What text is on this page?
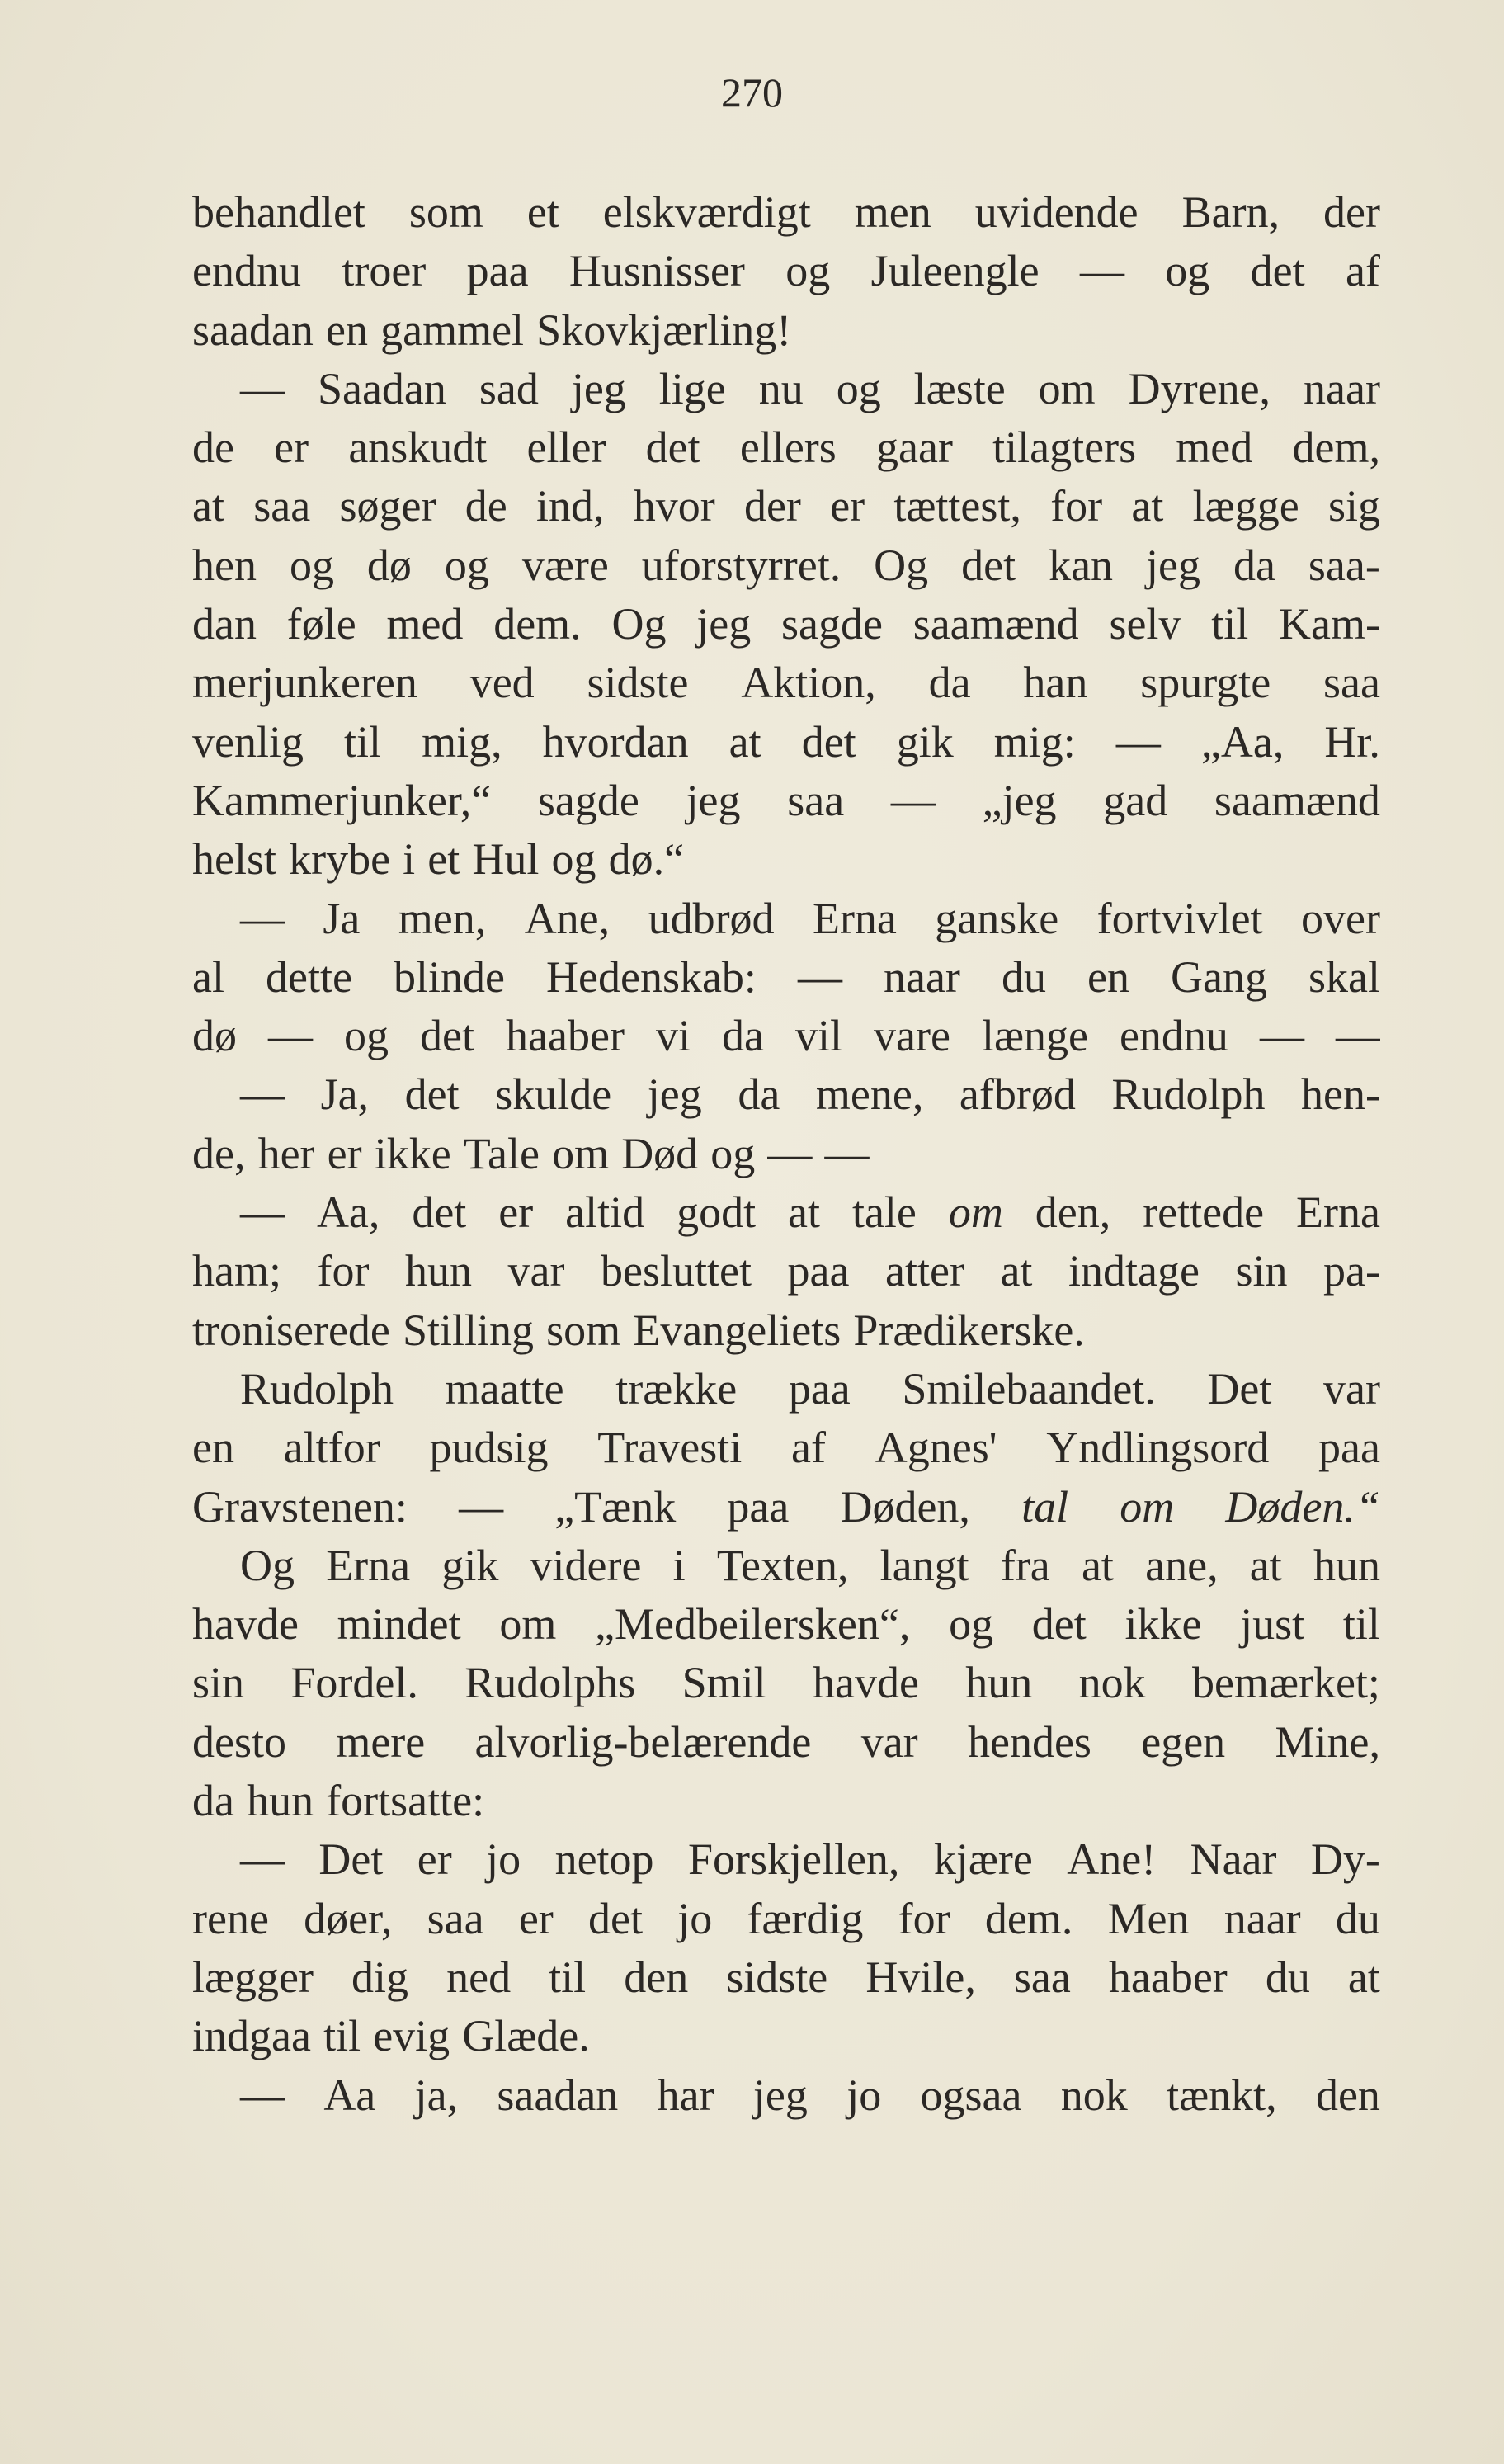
270
behandlet som et elskværdigt men uvidende Barn, der
endnu troer paa Husnisser og Juleengle — og det af
saadan en gammel Skovkjærling!
— Saadan sad jeg lige nu og læste om Dyrene, naar
de er anskudt eller det ellers gaar tilagters med dem,
at saa søger de ind, hvor der er tættest, for at lægge sig
hen og dø og være uforstyrret. Og det kan jeg da saa-
dan føle med dem. Og jeg sagde saamænd selv til Kam-
merjunkeren ved sidste Aktion, da han spurgte saa
venlig til mig, hvordan at det gik mig: — „Aa, Hr.
Kammerjunker,“ sagde jeg saa — „jeg gad saamænd
helst krybe i et Hul og dø.“
— Ja men, Ane, udbrød Erna ganske fortvivlet over
al dette blinde Hedenskab: — naar du en Gang skal
dø — og det haaber vi da vil vare længe endnu — —
— Ja, det skulde jeg da mene, afbrød Rudolph hen-
de, her er ikke Tale om Død og — —
— Aa, det er altid godt at tale om den, rettede Erna
ham; for hun var besluttet paa atter at indtage sin pa-
troniserede Stilling som Evangeliets Prædikerske.
Rudolph maatte trække paa Smilebaandet. Det var
en altfor pudsig Travesti af Agnes' Yndlingsord paa
Gravstenen: — „Tænk paa Døden, tal om Døden.“
Og Erna gik videre i Texten, langt fra at ane, at hun
havde mindet om „Medbeilersken“, og det ikke just til
sin Fordel. Rudolphs Smil havde hun nok bemærket;
desto mere alvorlig-belærende var hendes egen Mine,
da hun fortsatte:
— Det er jo netop Forskjellen, kjære Ane! Naar Dy-
rene døer, saa er det jo færdig for dem. Men naar du
lægger dig ned til den sidste Hvile, saa haaber du at
indgaa til evig Glæde.
— Aa ja, saadan har jeg jo ogsaa nok tænkt, den
